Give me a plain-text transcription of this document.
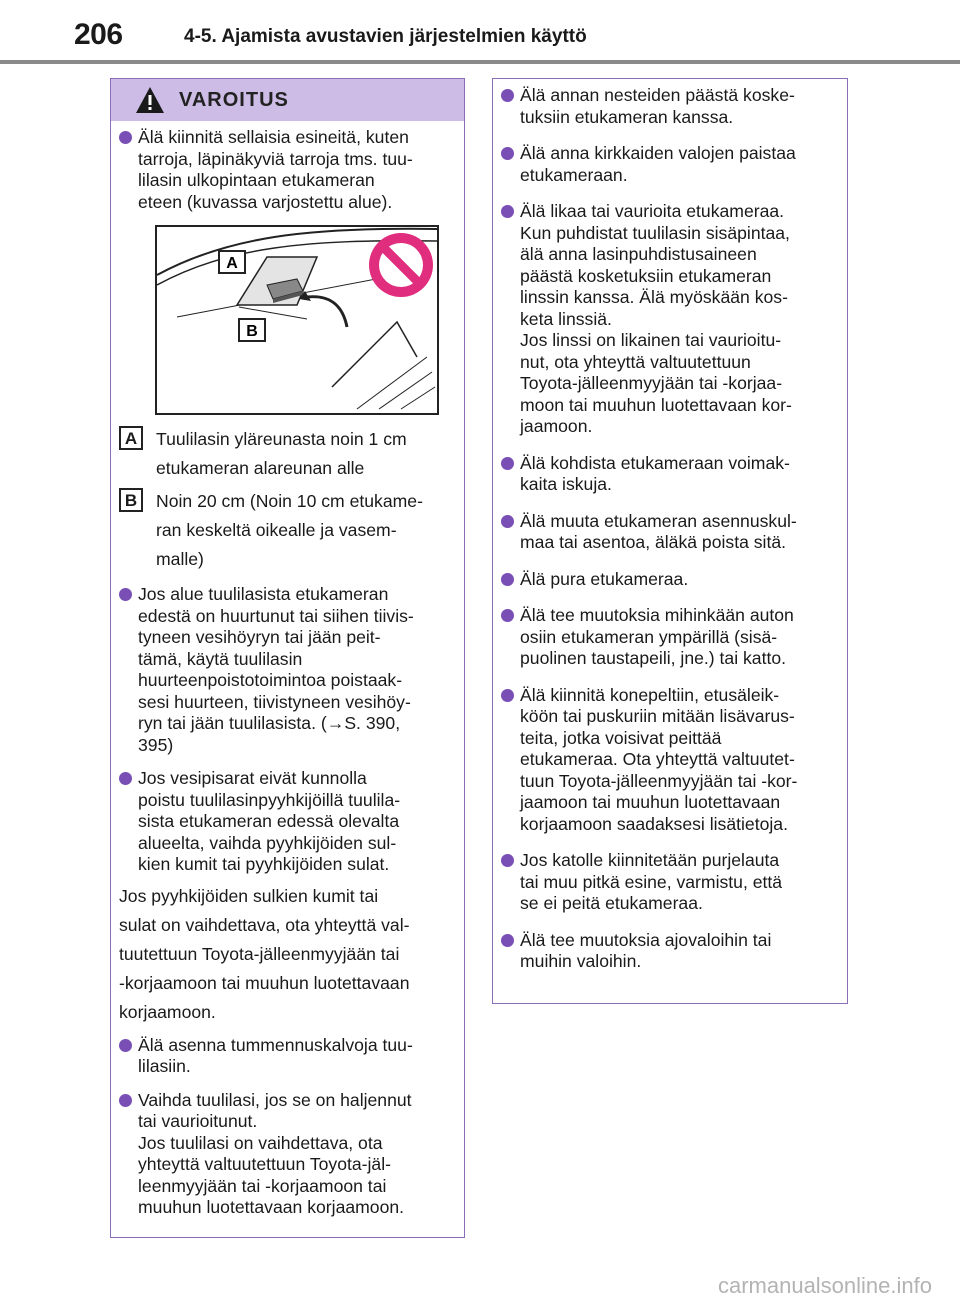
206	4-5. Ajamista avustavien järjestelmien käyttö
VAROITUS
Älä kiinnitä sellaisia esineitä, kuten
tarroja, läpinäkyviä tarroja tms. tuu-
lilasin ulkopintaan etukameran
eteen (kuvassa varjostettu alue).
A
B
A	Tuulilasin yläreunasta noin 1 cm
etukameran alareunan alle
B	Noin 20 cm (Noin 10 cm etukame-
ran keskeltä oikealle ja vasem-
malle)
Jos alue tuulilasista etukameran
edestä on huurtunut tai siihen tiivis-
tyneen vesihöyryn tai jään peit-
tämä, käytä tuulilasin
huurteenpoistotoimintoa poistaak-
sesi huurteen, tiivistyneen vesihöy-
ryn tai jään tuulilasista. (→S. 390,
395)
Jos vesipisarat eivät kunnolla
poistu tuulilasinpyyhkijöillä tuulila-
sista etukameran edessä olevalta
alueelta, vaihda pyyhkijöiden sul-
kien kumit tai pyyhkijöiden sulat.
Jos pyyhkijöiden sulkien kumit tai
sulat on vaihdettava, ota yhteyttä val-
tuutettuun Toyota-jälleenmyyjään tai
-korjaamoon tai muuhun luotettavaan
korjaamoon.
Älä asenna tummennuskalvoja tuu-
lilasiin.
Vaihda tuulilasi, jos se on haljennut
tai vaurioitunut.
Jos tuulilasi on vaihdettava, ota
yhteyttä valtuutettuun Toyota-jäl-
leenmyyjään tai -korjaamoon tai
muuhun luotettavaan korjaamoon.
Älä annan nesteiden päästä koske-
tuksiin etukameran kanssa.
Älä anna kirkkaiden valojen paistaa
etukameraan.
Älä likaa tai vaurioita etukameraa.
Kun puhdistat tuulilasin sisäpintaa,
älä anna lasinpuhdistusaineen
päästä kosketuksiin etukameran
linssin kanssa. Älä myöskään kos-
keta linssiä.
Jos linssi on likainen tai vaurioitu-
nut, ota yhteyttä valtuutettuun
Toyota-jälleenmyyjään tai -korjaa-
moon tai muuhun luotettavaan kor-
jaamoon.
Älä kohdista etukameraan voimak-
kaita iskuja.
Älä muuta etukameran asennuskul-
maa tai asentoa, äläkä poista sitä.
Älä pura etukameraa.
Älä tee muutoksia mihinkään auton
osiin etukameran ympärillä (sisä-
puolinen taustapeili, jne.) tai katto.
Älä kiinnitä konepeltiin, etusäleik-
köön tai puskuriin mitään lisävarus-
teita, jotka voisivat peittää
etukameraa. Ota yhteyttä valtuutet-
tuun Toyota-jälleenmyyjään tai -kor-
jaamoon tai muuhun luotettavaan
korjaamoon saadaksesi lisätietoja.
Jos katolle kiinnitetään purjelauta
tai muu pitkä esine, varmistu, että
se ei peitä etukameraa.
Älä tee muutoksia ajovaloihin tai
muihin valoihin.
carmanualsonline.info
